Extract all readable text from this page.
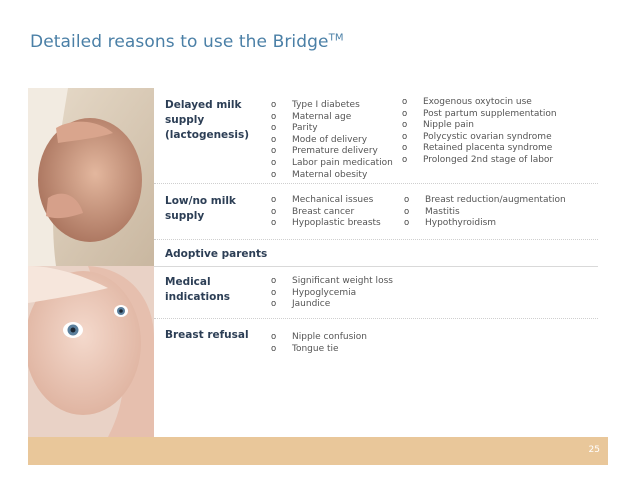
Detailed reasons to use the Bridge™
Delayed milk supply (lactogenesis)
o Type I diabetes
o Maternal age
o Parity
o Mode of delivery
o Premature delivery
o Labor pain medication
o Maternal obesity
o Exogenous oxytocin use
o Post partum supplementation
o Nipple pain
o Polycystic ovarian syndrome
o Retained placenta syndrome
o Prolonged 2nd stage of labor
Low/no milk supply
o Mechanical issues
o Breast cancer
o Hypoplastic breasts
o Breast reduction/augmentation
o Mastitis
o Hypothyroidism
Adoptive parents
Medical indications
o Significant weight loss
o Hypoglycemia
o Jaundice
Breast refusal
o	Nipple confusion
o Tongue tie
25
